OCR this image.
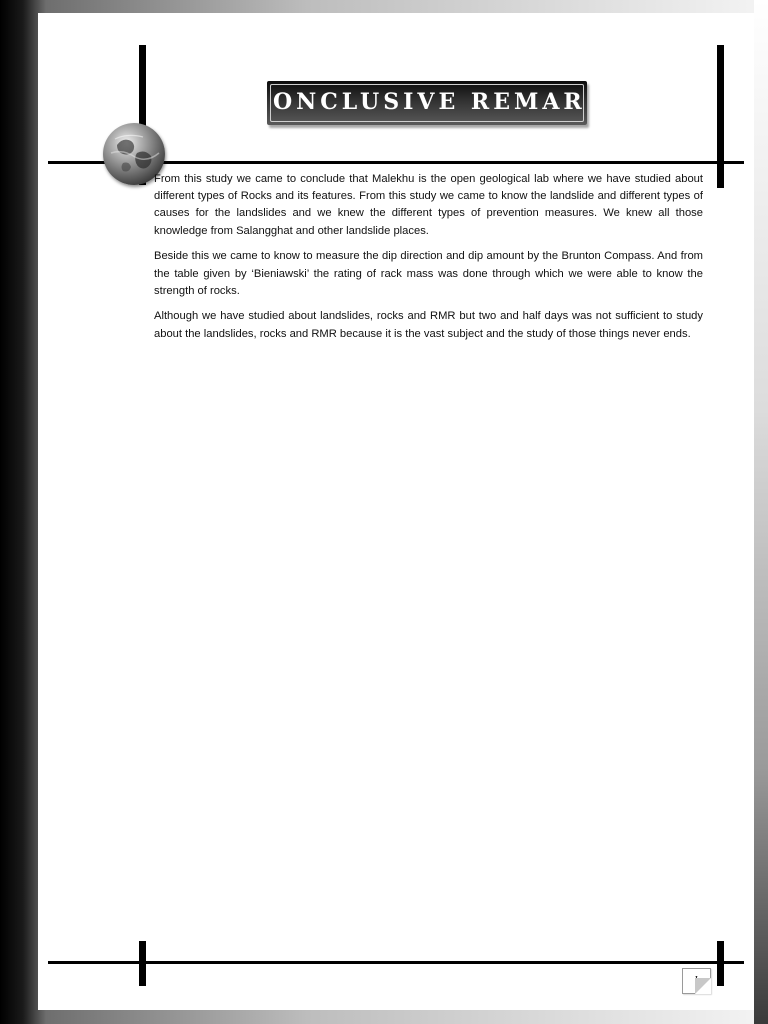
ONCLUSIVE REMAR

From this study we came to conclude that Malekhu is the open geological lab where we have studied about different types of Rocks and its features. From this study we came to know the landslide and different types of causes for the landslides and we knew the different types of prevention measures. We knew all those knowledge from Salangghat and other landslide places.

Beside this we came to know to measure the dip direction and dip amount by the Brunton Compass. And from the table given by ‘Bieniawski’ the rating of rack mass was done through which we were able to know the strength of rocks.

Although we have studied about landslides, rocks and RMR but two and half days was not sufficient to study about the landslides, rocks and RMR because it is the vast subject and the study of those things never ends.

I
